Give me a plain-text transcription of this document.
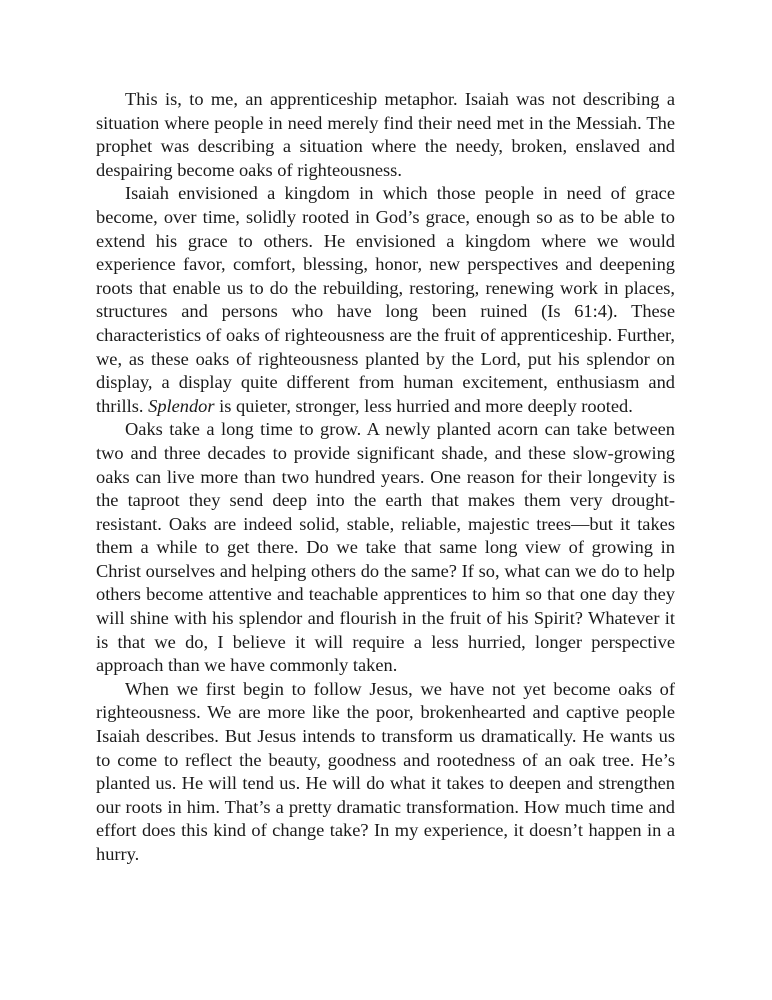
This is, to me, an apprenticeship metaphor. Isaiah was not describing a situation where people in need merely find their need met in the Messiah. The prophet was describing a situation where the needy, broken, enslaved and despairing become oaks of righteousness.

Isaiah envisioned a kingdom in which those people in need of grace become, over time, solidly rooted in God’s grace, enough so as to be able to extend his grace to others. He envisioned a kingdom where we would experience favor, comfort, blessing, honor, new perspectives and deepening roots that enable us to do the rebuilding, restoring, renewing work in places, structures and persons who have long been ruined (Is 61:4). These characteristics of oaks of righteousness are the fruit of apprenticeship. Further, we, as these oaks of righteousness planted by the Lord, put his splendor on display, a display quite different from human excitement, enthusiasm and thrills. Splendor is quieter, stronger, less hurried and more deeply rooted.

Oaks take a long time to grow. A newly planted acorn can take between two and three decades to provide significant shade, and these slow-growing oaks can live more than two hundred years. One reason for their longevity is the taproot they send deep into the earth that makes them very drought-resistant. Oaks are indeed solid, stable, reliable, majestic trees—but it takes them a while to get there. Do we take that same long view of growing in Christ ourselves and helping others do the same? If so, what can we do to help others become attentive and teachable apprentices to him so that one day they will shine with his splendor and flourish in the fruit of his Spirit? Whatever it is that we do, I believe it will require a less hurried, longer perspective approach than we have commonly taken.

When we first begin to follow Jesus, we have not yet become oaks of righteousness. We are more like the poor, brokenhearted and captive people Isaiah describes. But Jesus intends to transform us dramatically. He wants us to come to reflect the beauty, goodness and rootedness of an oak tree. He’s planted us. He will tend us. He will do what it takes to deepen and strengthen our roots in him. That’s a pretty dramatic transformation. How much time and effort does this kind of change take? In my experience, it doesn’t happen in a hurry.
